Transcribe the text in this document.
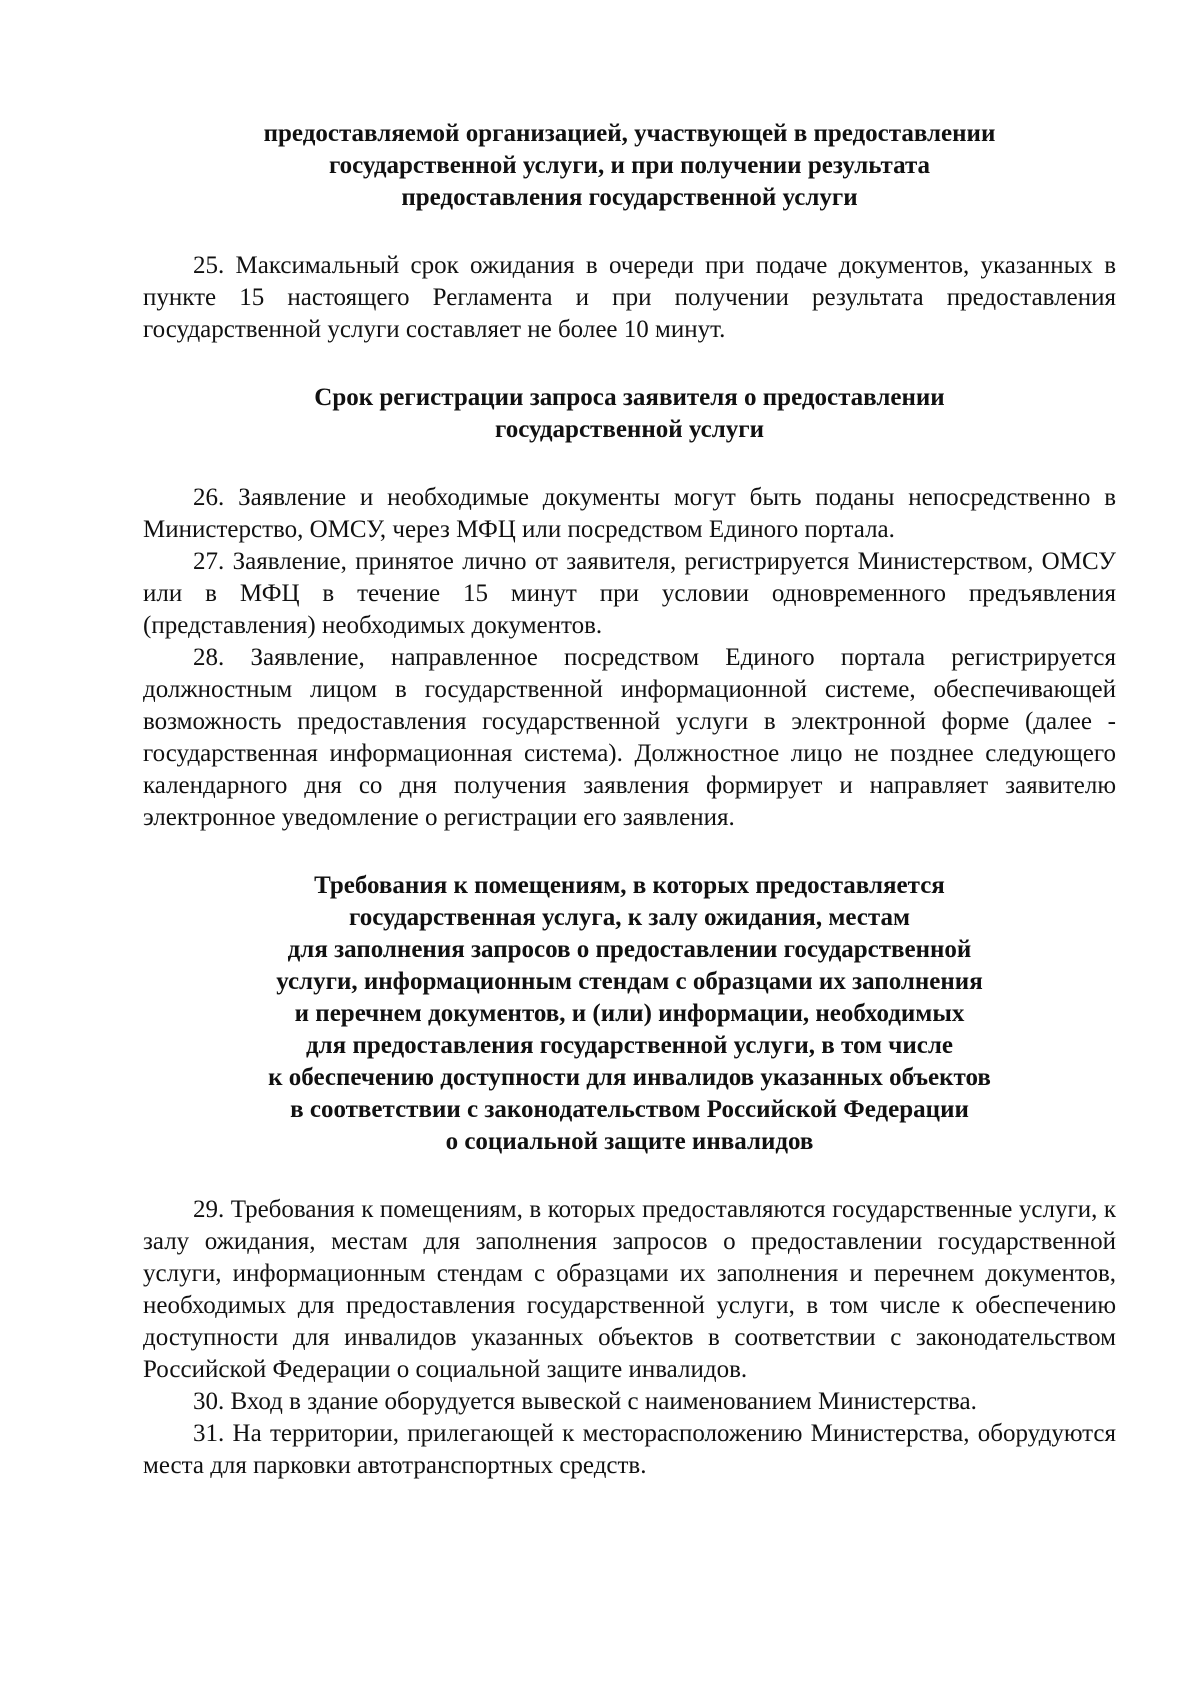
предоставляемой организацией, участвующей в предоставлении
государственной услуги, и при получении результата
предоставления государственной услуги

25. Максимальный срок ожидания в очереди при подаче документов, указанных в пункте 15 настоящего Регламента и при получении результата предоставления государственной услуги составляет не более 10 минут.

Срок регистрации запроса заявителя о предоставлении
государственной услуги

26. Заявление и необходимые документы могут быть поданы непосредственно в Министерство, ОМСУ, через МФЦ или посредством Единого портала.

27. Заявление, принятое лично от заявителя, регистрируется Министерством, ОМСУ или в МФЦ в течение 15 минут при условии одновременного предъявления (представления) необходимых документов.

28. Заявление, направленное посредством Единого портала регистрируется должностным лицом в государственной информационной системе, обеспечивающей возможность предоставления государственной услуги в электронной форме (далее - государственная информационная система). Должностное лицо не позднее следующего календарного дня со дня получения заявления формирует и направляет заявителю электронное уведомление о регистрации его заявления.

Требования к помещениям, в которых предоставляется
государственная услуга, к залу ожидания, местам
для заполнения запросов о предоставлении государственной
услуги, информационным стендам с образцами их заполнения
и перечнем документов, и (или) информации, необходимых
для предоставления государственной услуги, в том числе
к обеспечению доступности для инвалидов указанных объектов
в соответствии с законодательством Российской Федерации
о социальной защите инвалидов

29. Требования к помещениям, в которых предоставляются государственные услуги, к залу ожидания, местам для заполнения запросов о предоставлении государственной услуги, информационным стендам с образцами их заполнения и перечнем документов, необходимых для предоставления государственной услуги, в том числе к обеспечению доступности для инвалидов указанных объектов в соответствии с законодательством Российской Федерации о социальной защите инвалидов.

30. Вход в здание оборудуется вывеской с наименованием Министерства.

31. На территории, прилегающей к месторасположению Министерства, оборудуются места для парковки автотранспортных средств.
